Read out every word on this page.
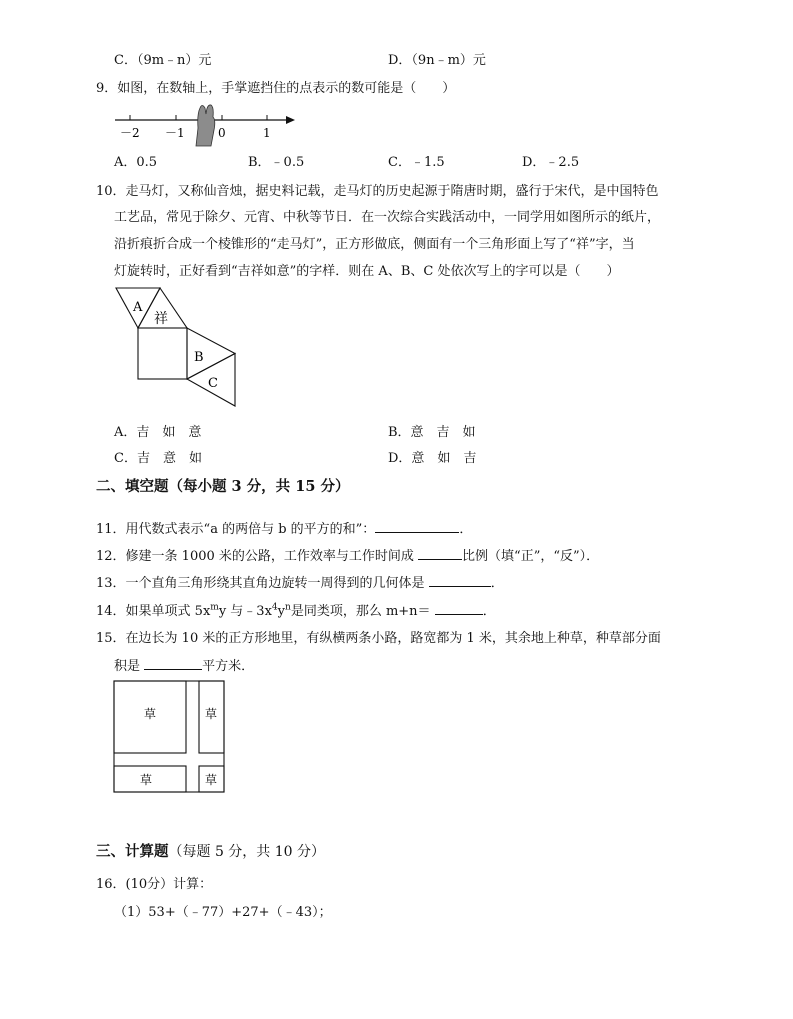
C．（9m﹣n）元	D．（9n﹣m）元
9．如图，在数轴上，手掌遮挡住的点表示的数可能是（　　）
－2 －1	0	1
A．0.5	B．﹣0.5	C．﹣1.5	D．﹣2.5
10．走马灯，又称仙音烛，据史料记载，走马灯的历史起源于隋唐时期，盛行于宋代，是中国特色
工艺品，常见于除夕、元宵、中秋等节日．在一次综合实践活动中，一同学用如图所示的纸片，
沿折痕折合成一个棱锥形的“走马灯”，正方形做底，侧面有一个三角形面上写了“祥”字，当
灯旋转时，正好看到“吉祥如意”的字样．则在 A、B、C 处依次写上的字可以是（　　）
A
祥
B
C
A．吉　如　意	B．意　吉　如
C．吉　意　如	D．意　如　吉
二、填空题（每小题 3 分，共 15 分）
11．用代数式表示“a 的两倍与 b 的平方的和”：	．
12．修建一条 1000 米的公路，工作效率与工作时间成	比例（填“正”，“反”）．
13．一个直角三角形绕其直角边旋转一周得到的几何体是	．
14．如果单项式 $5x^my$ 与$﹣3x^4y^n$是同类项，那么 m+n＝	．
15．在边长为 10 米的正方形地里，有纵横两条小路，路宽都为 1 米，其余地上种草，种草部分面
积是	平方米．
草	草
草	草
三、计算题（每题 5 分，共 10 分）
16．(10分）计算：
（1）53+（﹣77）+27+（﹣43）；
